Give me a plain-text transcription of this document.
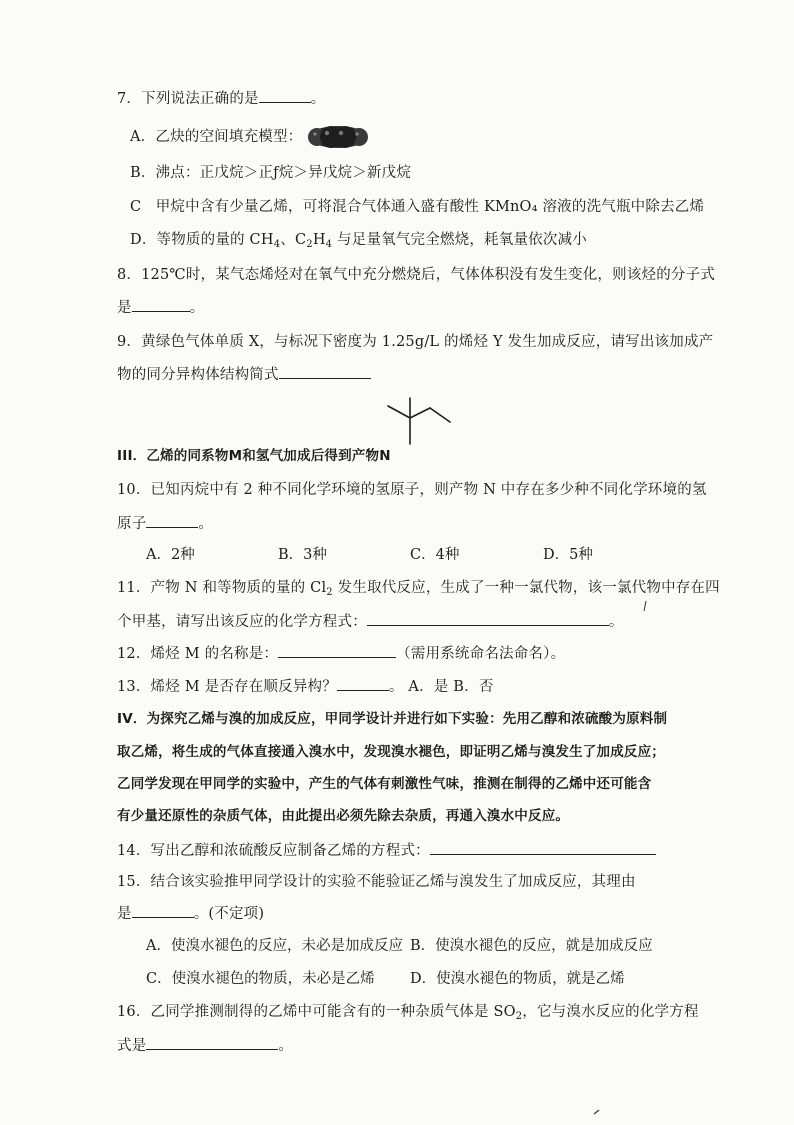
7．下列说法正确的是	。
A．乙炔的空间填充模型：
B．沸点：正戊烷＞正ƒ烷＞异戊烷＞新戊烷
C 甲烷中含有少量乙烯，可将混合气体通入盛有酸性 KMnO₄ 溶液的洗气瓶中除去乙烯
D．等物质的量的 $CH_4$、$C_2H_4$ 与足量氧气完全燃烧，耗氧量依次减小
8．125℃时，某气态烯烃对在氧气中充分燃烧后，气体体积没有发生变化，则该烃的分子式
是	。
9．黄绿色气体单质 X，与标况下密度为 1.25g/L 的烯烃 Y 发生加成反应，请写出该加成产
物的同分异构体结构简式
III．乙烯的同系物M和氢气加成后得到产物N
10．已知丙烷中有 2 种不同化学环境的氢原子，则产物 N 中存在多少种不同化学环境的氢
原子	。
A．2种	B．3种	C．4种	D．5种
11．产物 N 和等物质的量的 $Cl_2$ 发生取代反应，生成了一种一氯代物，该一氯代物中存在四
个甲基，请写出该反应的化学方程式：	。
12．烯烃 M 的名称是：	（需用系统命名法命名）。
13．烯烃 M 是否存在顺反异构？	。 A．是 B．否
IV．为探究乙烯与溴的加成反应，甲同学设计并进行如下实验：先用乙醇和浓硫酸为原料制
取乙烯，将生成的气体直接通入溴水中，发现溴水褪色，即证明乙烯与溴发生了加成反应；
乙同学发现在甲同学的实验中，产生的气体有刺激性气味，推测在制得的乙烯中还可能含
有少量还原性的杂质气体，由此提出必须先除去杂质，再通入溴水中反应。
14．写出乙醇和浓硫酸反应制备乙烯的方程式：
15．结合该实验推甲同学设计的实验不能验证乙烯与溴发生了加成反应，其理由
是	。(不定项)
A．使溴水褪色的反应，未必是加成反应 B．使溴水褪色的反应，就是加成反应
C．使溴水褪色的物质，未必是乙烯 D．使溴水褪色的物质，就是乙烯
16．乙同学推测制得的乙烯中可能含有的一种杂质气体是 $SO_2$，它与溴水反应的化学方程
式是	。
